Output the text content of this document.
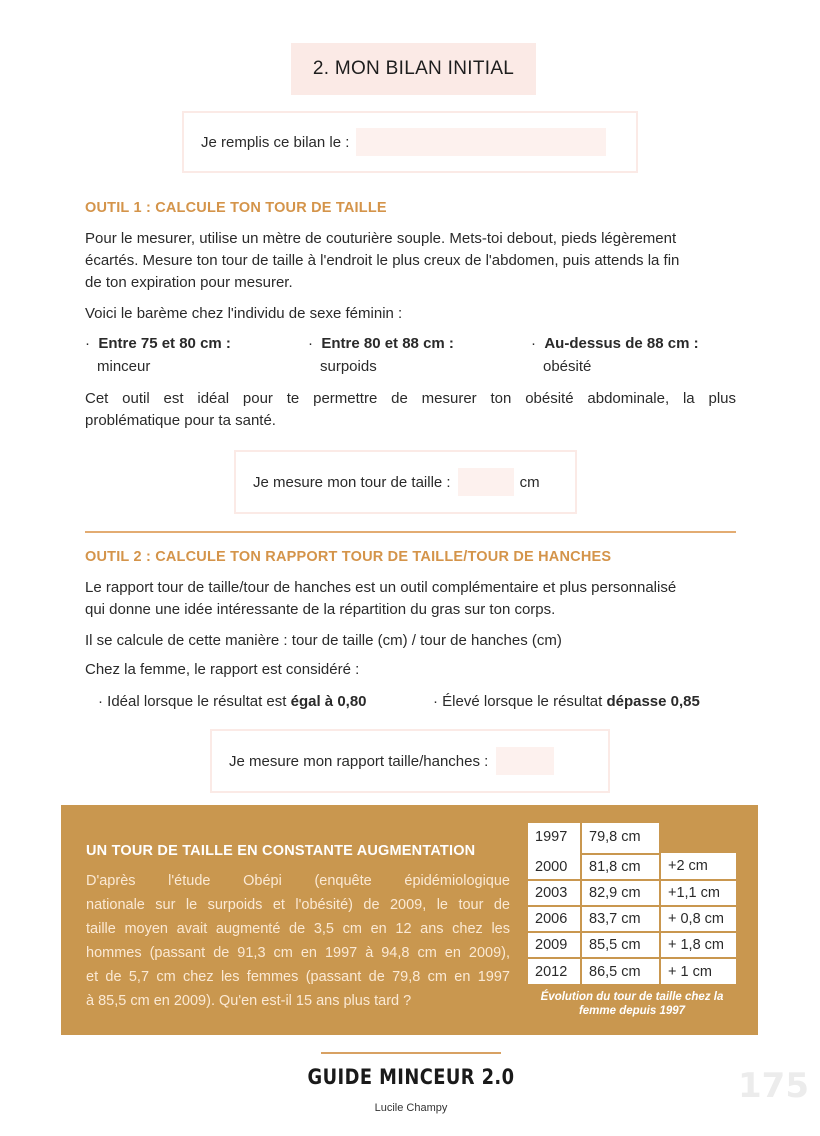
2. MON BILAN INITIAL
Je remplis ce bilan le :
OUTIL 1 : CALCULE TON TOUR DE TAILLE
Pour le mesurer, utilise un mètre de couturière souple. Mets-toi debout, pieds légèrement
écartés. Mesure ton tour de taille à l'endroit le plus creux de l'abdomen, puis attends la fin
de ton expiration pour mesurer.
Voici le barème chez l'individu de sexe féminin :
·  Entre 75 et 80 cm :
minceur
·  Entre 80 et 88 cm :
surpoids
·  Au-dessus de 88 cm :
obésité
Cet outil est idéal pour te permettre de mesurer ton obésité abdominale, la plus
problématique pour ta santé.
Je mesure mon tour de taille :	cm
OUTIL 2 : CALCULE TON RAPPORT TOUR DE TAILLE/TOUR DE HANCHES
Le rapport tour de taille/tour de hanches est un outil complémentaire et plus personnalisé
qui donne une idée intéressante de la répartition du gras sur ton corps.
Il se calcule de cette manière : tour de taille (cm) / tour de hanches (cm)
Chez la femme, le rapport est considéré :
· Idéal lorsque le résultat est égal à 0,80	· Élevé lorsque le résultat dépasse 0,85
Je mesure mon rapport taille/hanches :
UN TOUR DE TAILLE EN CONSTANTE AUGMENTATION
D'après l'étude Obépi (enquête épidémiologique
nationale sur le surpoids et l'obésité) de 2009, le tour de
taille moyen avait augmenté de 3,5 cm en 12 ans chez les
hommes (passant de 91,3 cm en 1997 à 94,8 cm en 2009),
et de 5,7 cm chez les femmes (passant de 79,8 cm en 1997
à 85,5 cm en 2009). Qu'en est-il 15 ans plus tard ?
1997	79,8 cm
2000	81,8 cm	+2 cm
2003	82,9 cm	+1,1 cm
2006	83,7 cm	+ 0,8 cm
2009	85,5 cm	+ 1,8 cm
2012	86,5 cm	+ 1 cm
Évolution du tour de taille chez la
femme depuis 1997
GUIDE MINCEUR 2.0
Lucile Champy
175
